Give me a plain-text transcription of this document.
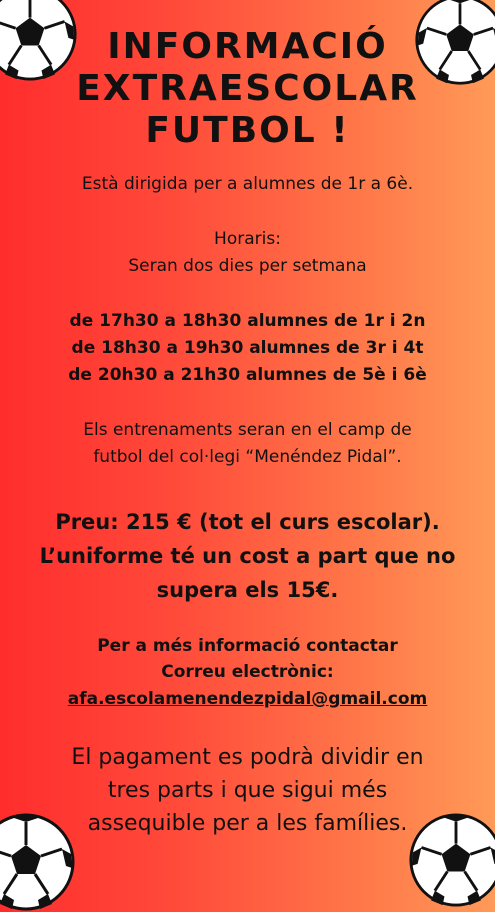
INFORMACIÓ
EXTRAESCOLAR
FUTBOL !
Està dirigida per a alumnes de 1r a 6è.
Horaris:
Seran dos dies per setmana
de 17h30 a 18h30 alumnes de 1r i 2n
de 18h30 a 19h30 alumnes de 3r i 4t
de 20h30 a 21h30 alumnes de 5è i 6è
Els entrenaments seran en el camp de
futbol del col·legi “Menéndez Pidal”.
Preu: 215 € (tot el curs escolar).
L’uniforme té un cost a part que no
supera els 15€.
Per a més informació contactar
Correu electrònic:
afa.escolamenendezpidal@gmail.com
El pagament es podrà dividir en
tres parts i que sigui més
assequible per a les famílies.
